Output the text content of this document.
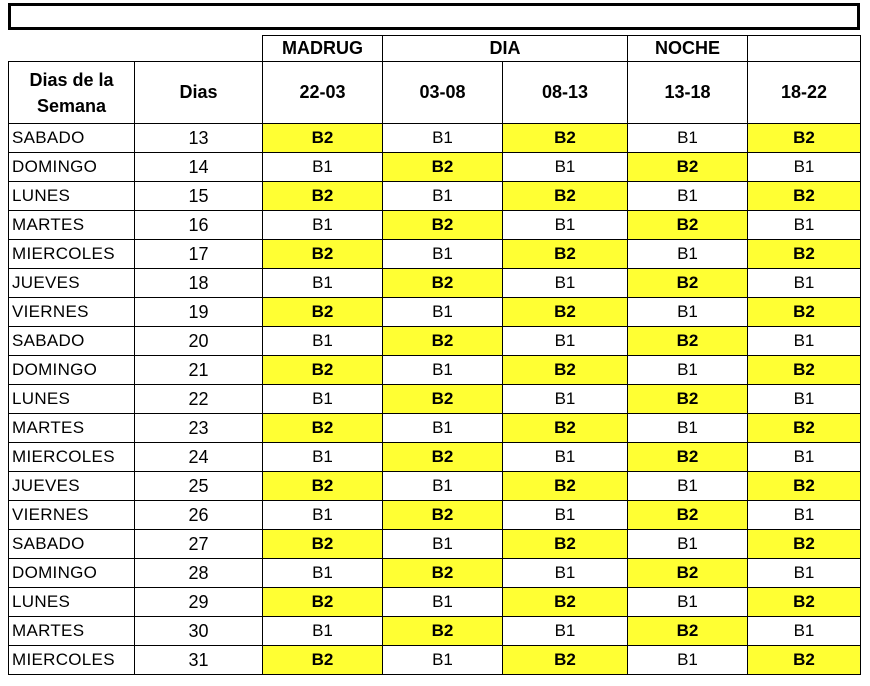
		MADRUG	DIA		NOCHE	
Dias de la Semana	Dias	22-03	03-08	08-13	13-18	18-22
SABADO	13	B2	B1	B2	B1	B2
DOMINGO	14	B1	B2	B1	B2	B1
LUNES	15	B2	B1	B2	B1	B2
MARTES	16	B1	B2	B1	B2	B1
MIERCOLES	17	B2	B1	B2	B1	B2
JUEVES	18	B1	B2	B1	B2	B1
VIERNES	19	B2	B1	B2	B1	B2
SABADO	20	B1	B2	B1	B2	B1
DOMINGO	21	B2	B1	B2	B1	B2
LUNES	22	B1	B2	B1	B2	B1
MARTES	23	B2	B1	B2	B1	B2
MIERCOLES	24	B1	B2	B1	B2	B1
JUEVES	25	B2	B1	B2	B1	B2
VIERNES	26	B1	B2	B1	B2	B1
SABADO	27	B2	B1	B2	B1	B2
DOMINGO	28	B1	B2	B1	B2	B1
LUNES	29	B2	B1	B2	B1	B2
MARTES	30	B1	B2	B1	B2	B1
MIERCOLES	31	B2	B1	B2	B1	B2
